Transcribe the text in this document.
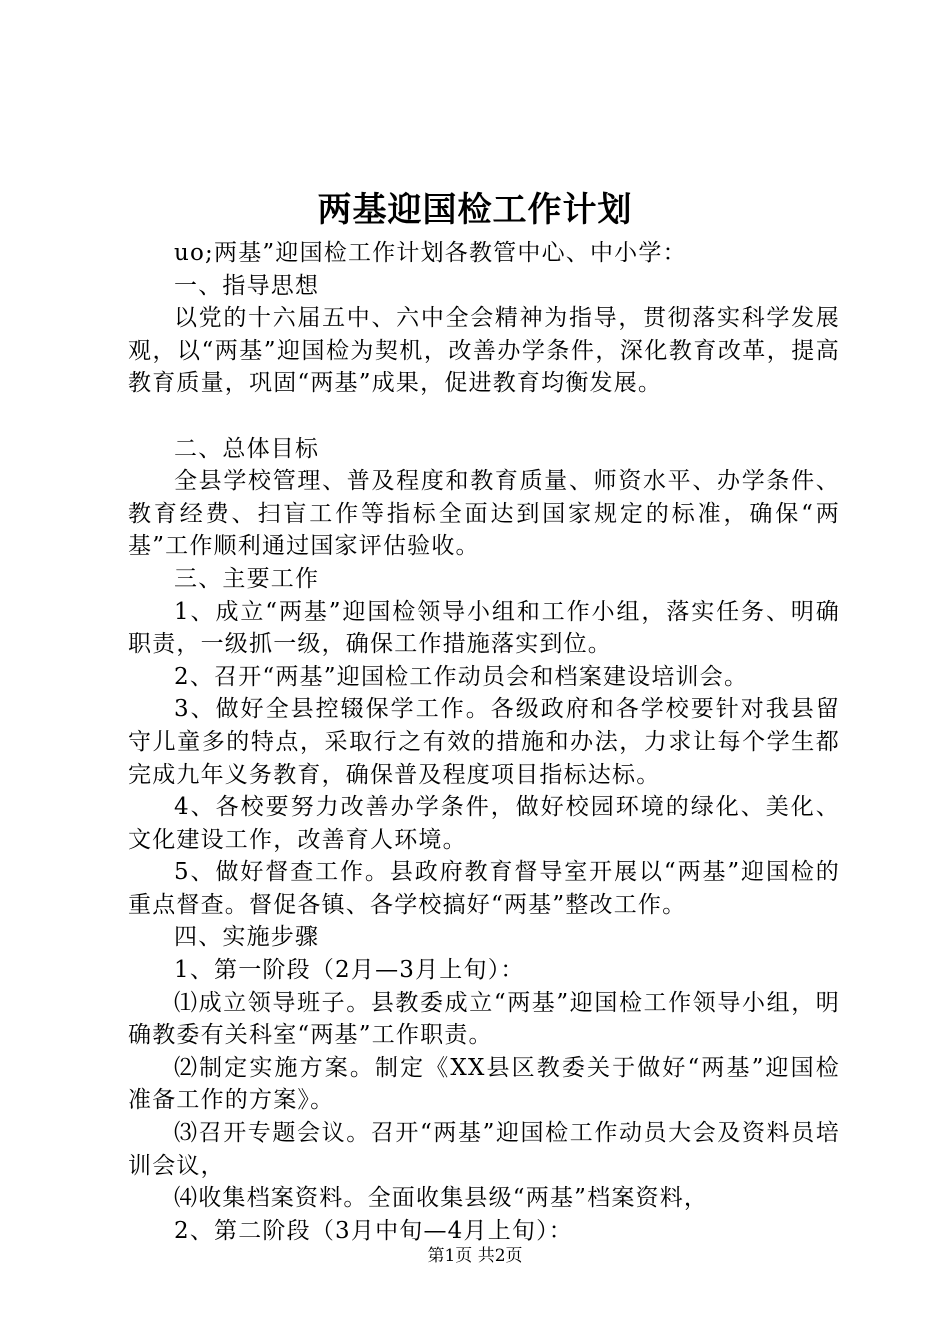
两基迎国检工作计划

uo;两基”迎国检工作计划各教管中心、中小学：

一、指导思想

以党的十六届五中、六中全会精神为指导，贯彻落实科学发展观，以“两基”迎国检为契机，改善办学条件，深化教育改革，提高教育质量，巩固“两基”成果，促进教育均衡发展。

二、总体目标

全县学校管理、普及程度和教育质量、师资水平、办学条件、教育经费、扫盲工作等指标全面达到国家规定的标准，确保“两基”工作顺利通过国家评估验收。

三、主要工作

1、成立“两基”迎国检领导小组和工作小组，落实任务、明确职责，一级抓一级，确保工作措施落实到位。

2、召开“两基”迎国检工作动员会和档案建设培训会。

3、做好全县控辍保学工作。各级政府和各学校要针对我县留守儿童多的特点，采取行之有效的措施和办法，力求让每个学生都完成九年义务教育，确保普及程度项目指标达标。

4、各校要努力改善办学条件，做好校园环境的绿化、美化、文化建设工作，改善育人环境。

5、做好督查工作。县政府教育督导室开展以“两基”迎国检的重点督查。督促各镇、各学校搞好“两基”整改工作。

四、实施步骤

1、第一阶段（2月—3月上旬）：

⑴成立领导班子。县教委成立“两基”迎国检工作领导小组，明确教委有关科室“两基”工作职责。

⑵制定实施方案。制定《XX县区教委关于做好“两基”迎国检准备工作的方案》。

⑶召开专题会议。召开“两基”迎国检工作动员大会及资料员培训会议，

⑷收集档案资料。全面收集县级“两基”档案资料，

2、第二阶段（3月中旬—4月上旬）：

第1页 共2页
